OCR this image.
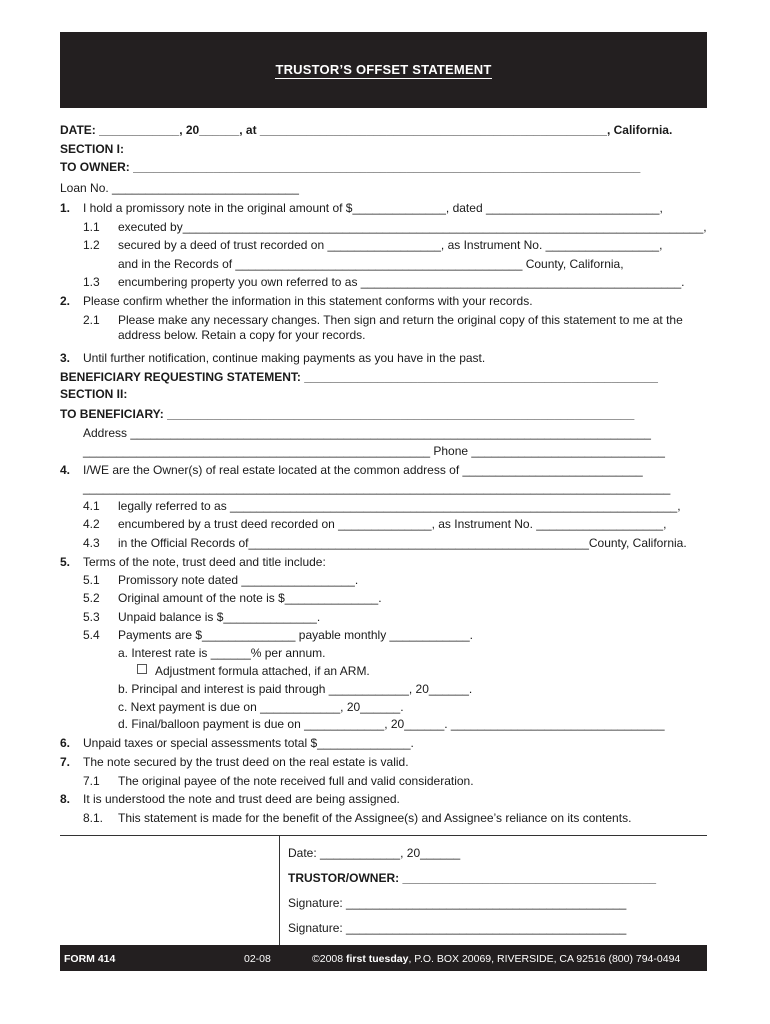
TRUSTOR’S OFFSET STATEMENT
DATE: ____________, 20______, at ____________________________________________________, California.
SECTION I:
TO OWNER: ____________________________________________________________________________
Loan No. ____________________________
1. I hold a promissory note in the original amount of $______________, dated __________________________,
1.1 executed by______________________________________________________________________________,
1.2 secured by a deed of trust recorded on _________________, as Instrument No. _________________,
and in the Records of ___________________________________________ County, California,
1.3 encumbering property you own referred to as ________________________________________________.
2. Please confirm whether the information in this statement conforms with your records.
2.1 Please make any necessary changes. Then sign and return the original copy of this statement to me at the
address below. Retain a copy for your records.
3. Until further notification, continue making payments as you have in the past.
BENEFICIARY REQUESTING STATEMENT: _____________________________________________________
SECTION II:
TO BENEFICIARY: ______________________________________________________________________
Address ______________________________________________________________________________
____________________________________________________ Phone _____________________________
4. I/WE are the Owner(s) of real estate located at the common address of ___________________________
________________________________________________________________________________________
4.1 legally referred to as ___________________________________________________________________,
4.2 encumbered by a trust deed recorded on ______________, as Instrument No. ___________________,
4.3 in the Official Records of___________________________________________________County, California.
5. Terms of the note, trust deed and title include:
5.1 Promissory note dated _________________.
5.2 Original amount of the note is $______________.
5.3 Unpaid balance is $______________.
5.4 Payments are $______________ payable monthly ____________.
a. Interest rate is ______% per annum.
Adjustment formula attached, if an ARM.
b. Principal and interest is paid through ____________, 20______.
c. Next payment is due on ____________, 20______.
d. Final/balloon payment is due on ____________, 20______. ________________________________
6. Unpaid taxes or special assessments total $______________.
7. The note secured by the trust deed on the real estate is valid.
7.1 The original payee of the note received full and valid consideration.
8. It is understood the note and trust deed are being assigned.
8.1. This statement is made for the benefit of the Assignee(s) and Assignee’s reliance on its contents.
Date: ____________, 20______
TRUSTOR/OWNER: ______________________________________
Signature: __________________________________________
Signature: __________________________________________
FORM 414	02-08	©2008 first tuesday, P.O. BOX 20069, RIVERSIDE, CA 92516 (800) 794-0494
